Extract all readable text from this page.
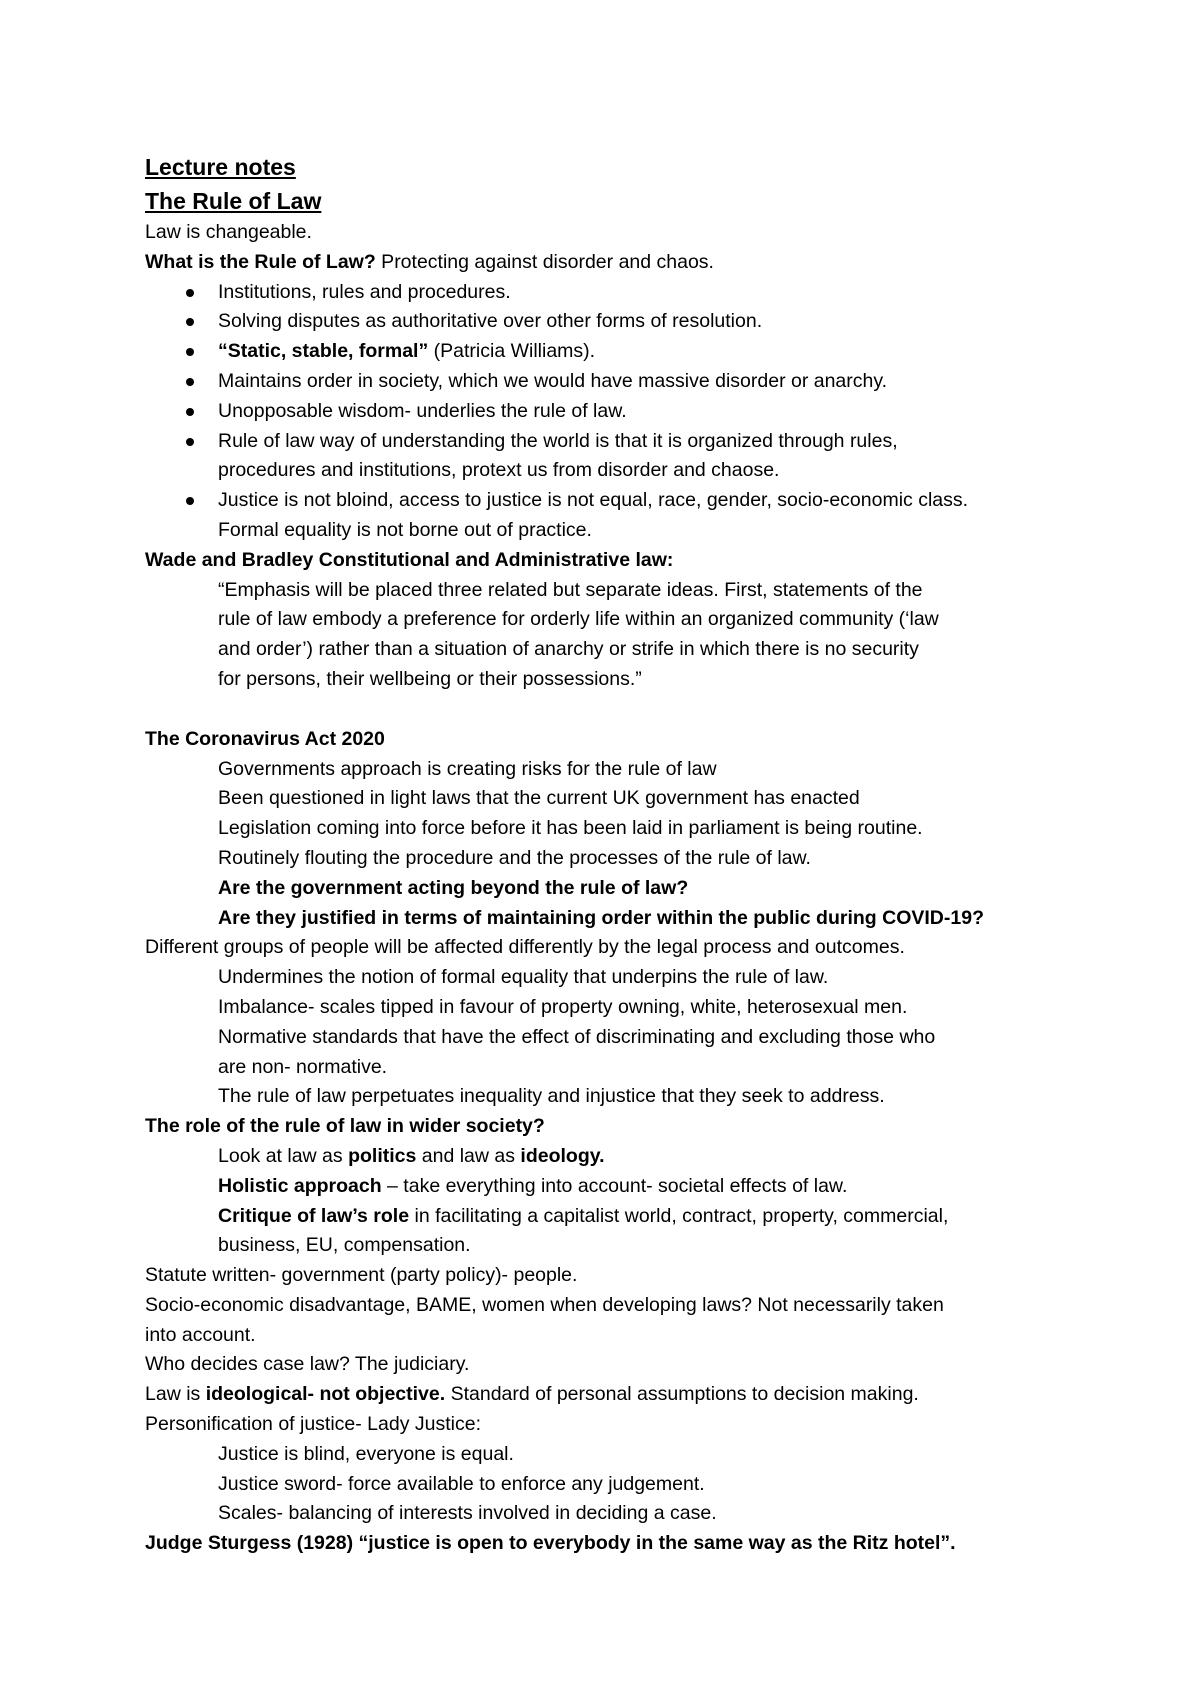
Lecture notes
The Rule of Law
Law is changeable.
What is the Rule of Law? Protecting against disorder and chaos.
Institutions, rules and procedures.
Solving disputes as authoritative over other forms of resolution.
“Static, stable, formal” (Patricia Williams).
Maintains order in society, which we would have massive disorder or anarchy.
Unopposable wisdom- underlies the rule of law.
Rule of law way of understanding the world is that it is organized through rules,
procedures and institutions, protext us from disorder and chaose.
Justice is not bloind, access to justice is not equal, race, gender, socio-economic class.
Formal equality is not borne out of practice.
Wade and Bradley Constitutional and Administrative law:
“Emphasis will be placed three related but separate ideas. First, statements of the
rule of law embody a preference for orderly life within an organized community (‘law
and order’) rather than a situation of anarchy or strife in which there is no security
for persons, their wellbeing or their possessions.”
The Coronavirus Act 2020
Governments approach is creating risks for the rule of law
Been questioned in light laws that the current UK government has enacted
Legislation coming into force before it has been laid in parliament is being routine.
Routinely flouting the procedure and the processes of the rule of law.
Are the government acting beyond the rule of law?
Are they justified in terms of maintaining order within the public during COVID-19?
Different groups of people will be affected differently by the legal process and outcomes.
Undermines the notion of formal equality that underpins the rule of law.
Imbalance- scales tipped in favour of property owning, white, heterosexual men.
Normative standards that have the effect of discriminating and excluding those who
are non- normative.
The rule of law perpetuates inequality and injustice that they seek to address.
The role of the rule of law in wider society?
Look at law as politics and law as ideology.
Holistic approach – take everything into account- societal effects of law.
Critique of law’s role in facilitating a capitalist world, contract, property, commercial,
business, EU, compensation.
Statute written- government (party policy)- people.
Socio-economic disadvantage, BAME, women when developing laws? Not necessarily taken
into account.
Who decides case law? The judiciary.
Law is ideological- not objective. Standard of personal assumptions to decision making.
Personification of justice- Lady Justice:
Justice is blind, everyone is equal.
Justice sword- force available to enforce any judgement.
Scales- balancing of interests involved in deciding a case.
Judge Sturgess (1928) “justice is open to everybody in the same way as the Ritz hotel”.
